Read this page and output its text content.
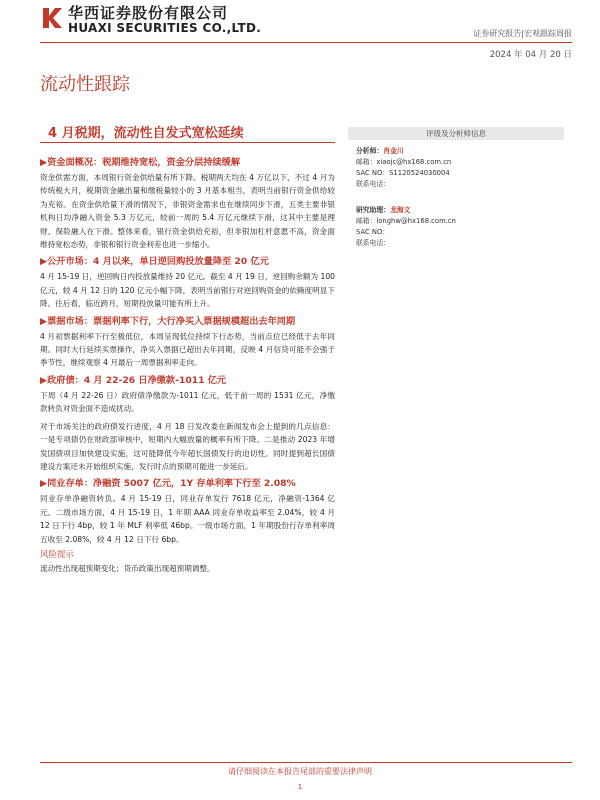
华西证券股份有限公司
HUAXI SECURITIES CO.,LTD.	证券研究报告|宏观跟踪周报
2024 年 04 月 20 日
流动性跟踪
4 月税期，流动性自发式宽松延续
▶资金面概况：税期维持宽松，资金分层持续缓解

资金供需方面，本周银行资金供给量有所下降。税期两天均在 4 万亿以下，不过 4 月为传统税大月，税期资金融出量和缴税量较小的 3 月基本相当，表明当前银行资金供给较为充裕。在资金供给量下滑的情况下，非银资金需求也在继续同步下滑，五类主要非银机构日均净融入资金 5.3 万亿元，较前一周的 5.4 万亿元继续下滑，这其中主要是理财、保险融入在下滑。整体来看，银行资金供给充裕，但非银加杠杆意愿不高，资金面维持宽松态势，非银和银行资金利差也进一步缩小。

▶公开市场：4 月以来，单日逆回购投放量降至 20 亿元

4 月 15-19 日，逆回购日内投放量维持 20 亿元。截至 4 月 19 日，逆回购余额为 100 亿元，较 4 月 12 日的 120 亿元小幅下降，表明当前银行对逆回购资金的依赖度明显下降。往后看，临近跨月，短期投放量可能有所上升。

▶票据市场：票据利率下行，大行净买入票据规模超出去年同期

4 月初票据利率下行至极低位，本周呈现低位持续下行态势，当前点位已经低于去年同期。同时大行延续买票操作，净买入票据已超出去年同期，反映 4 月信贷可能不会强于季节性，继续观察 4 月最后一周票据利率走向。

▶政府债：4 月 22-26 日净缴款-1011 亿元

下周（4 月 22-26 日）政府债净缴款为-1011 亿元，低于前一周的 1531 亿元，净缴款转负对资金面不造成扰动。

对于市场关注的政府债发行进度，4 月 18 日发改委在新闻发布会上提到的几点信息：一是专项债仍在财政部审核中，短期内大幅放量的概率有所下降。二是推动 2023 年增发国债项目加快建设实施，这可能降低今年超长国债发行的迫切性。同时提到超长国债建设方案还未开始组织实施，发行时点的预期可能进一步延后。

▶同业存单：净融资 5007 亿元，1Y 存单利率下行至 2.08%

同业存单净融资转负。4 月 15-19 日，同业存单发行 7618 亿元，净融资-1364 亿元。二级市场方面，4 月 15-19 日，1 年期 AAA 同业存单收益率至 2.04%，较 4 月 12 日下行 4bp，较 1 年 MLF 利率低 46bp。一级市场方面，1 年期股份行存单利率周五收至 2.08%，较 4 月 12 日下行 6bp。

风险提示

流动性出现超预期变化；货币政策出现超预期调整。

评级及分析师信息
分析师：肖金川
邮箱：xiaojc@hx168.com.cn
SAC NO：S1120524030004
联系电话：
研究助理：龙海文
邮箱：longhw@hx168.com.cn
SAC NO：
联系电话：
请仔细阅读在本报告尾部的重要法律声明
1
